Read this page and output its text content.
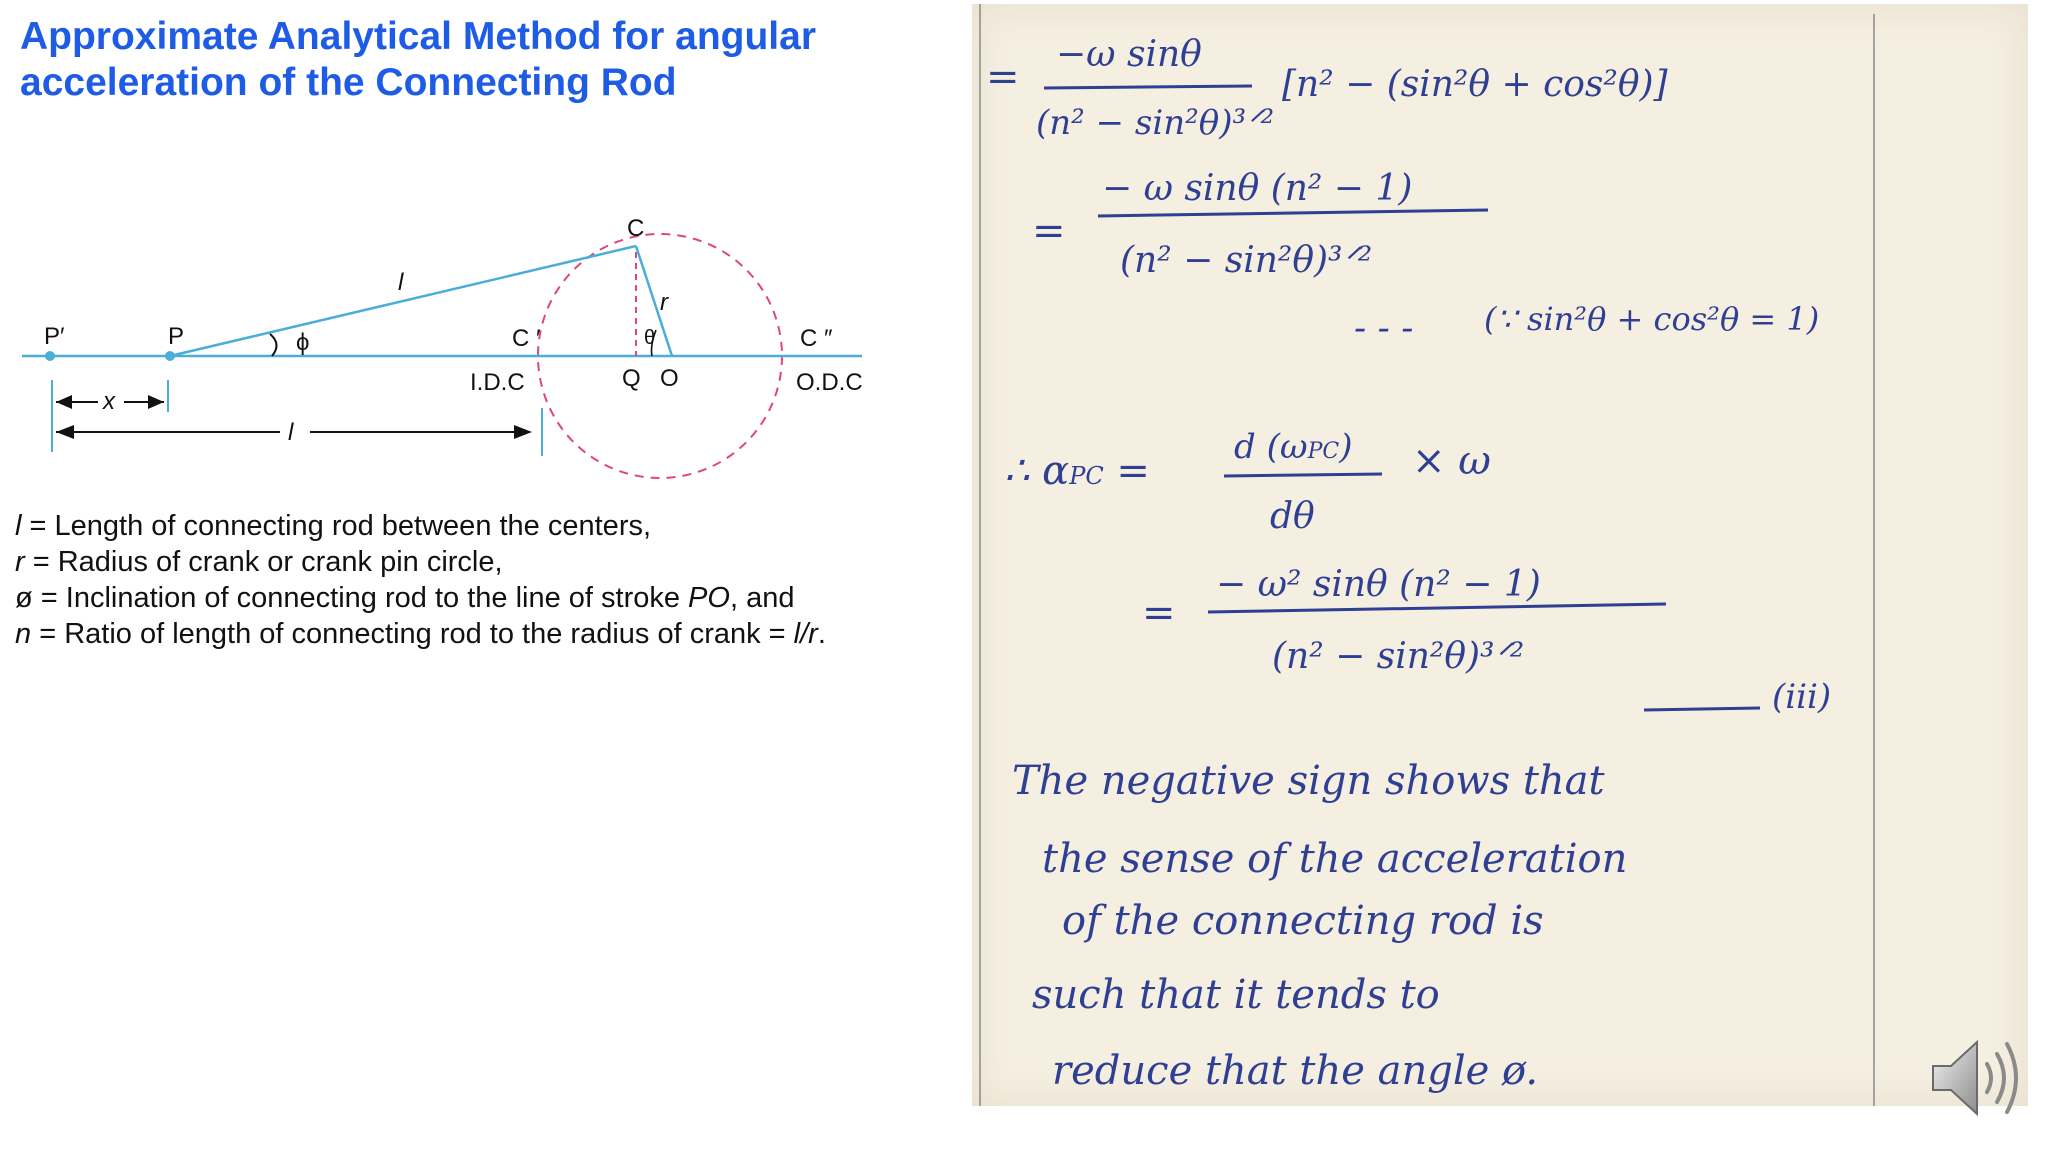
Approximate Analytical Method for angular
acceleration of the Connecting Rod
P′	P
C
C ′	C ″
l
r
ϕ	θ
Q O
I.D.C	O.D.C
x
l
l = Length of connecting rod between the centers,
r = Radius of crank or crank pin circle,
ø = Inclination of connecting rod to the line of stroke PO, and
n = Ratio of length of connecting rod to the radius of crank = l/r.
= −ω sinθ
(n² − sin²θ)³ᐟ²
[n² − (sin²θ + cos²θ)]
=
− ω sinθ (n² − 1)
(n² − sin²θ)³ᐟ²
- - - (∵ sin²θ + cos²θ = 1)
∴ αPC =
d (ωPC)
dθ
× ω
=
− ω² sinθ (n² − 1)
(n² − sin²θ)³ᐟ²
(iii)
The negative sign shows that
the sense of the acceleration
of the connecting rod is
such that it tends to
reduce that the angle ø.
